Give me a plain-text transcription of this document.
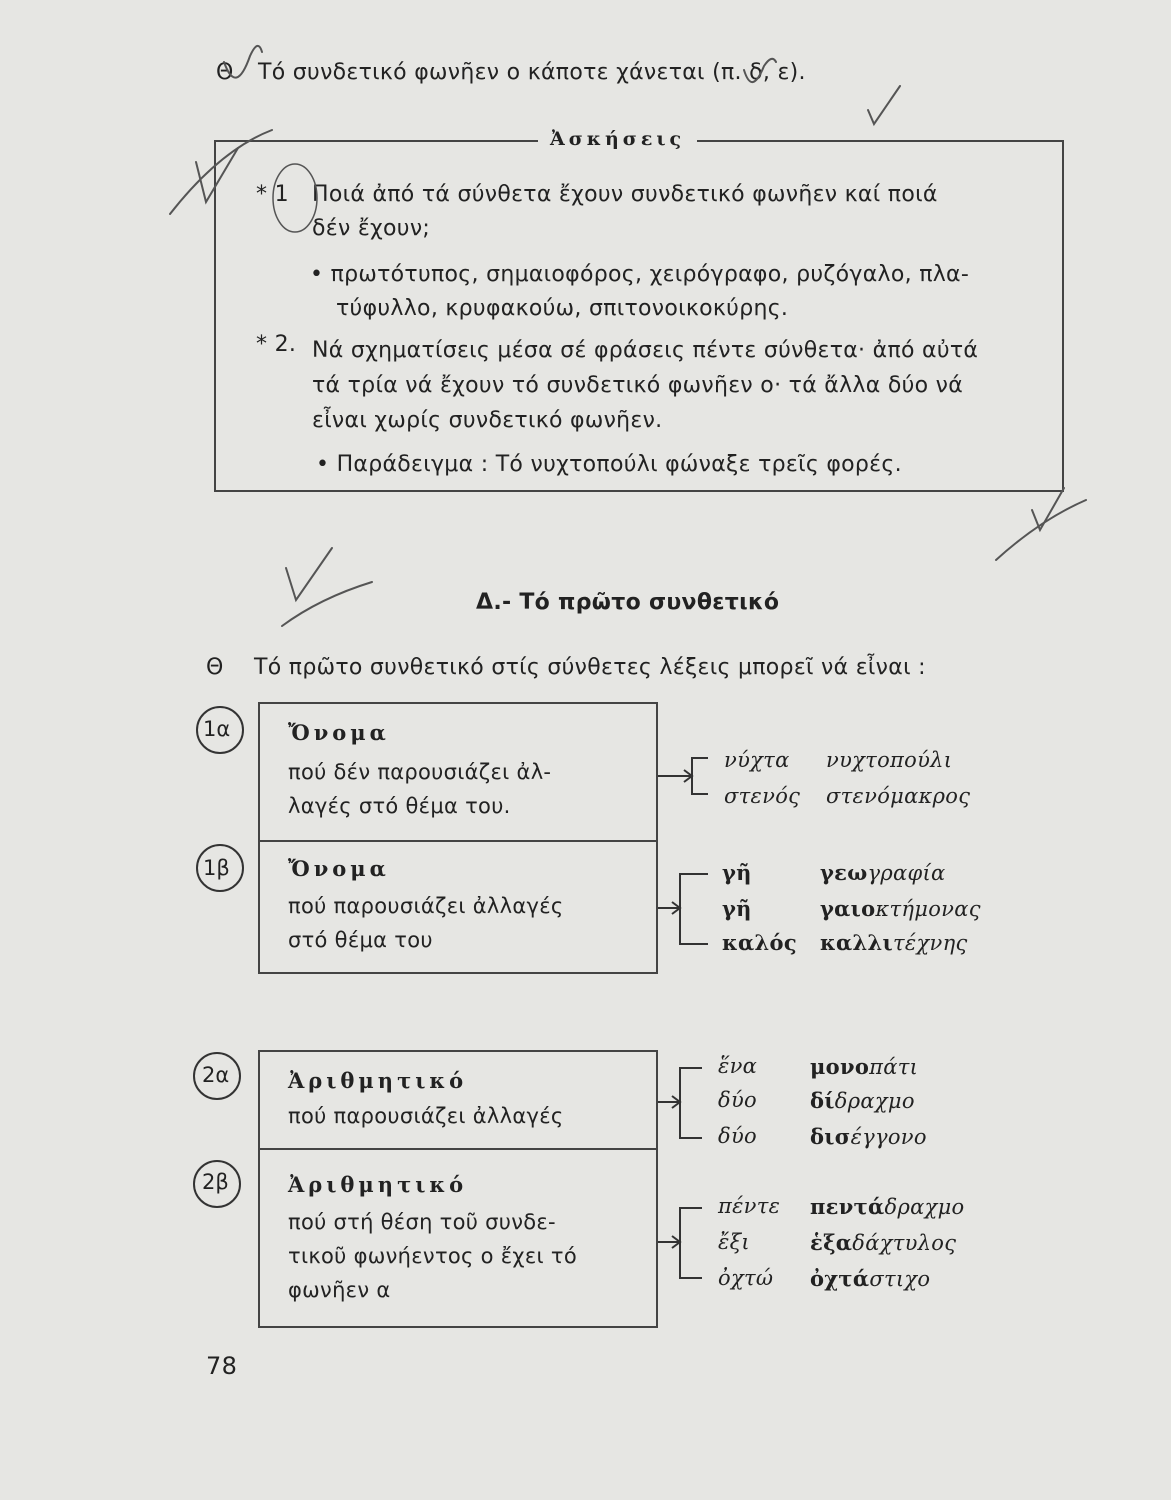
Θ Τό συνδετικό φωνῆεν ο κάποτε χάνεται (π. δ, ε).
Ἀσκήσεις
* 1 Ποιά ἀπό τά σύνθετα ἔχουν συνδετικό φωνῆεν καί ποιά
δέν ἔχουν;
• πρωτότυπος, σημαιοφόρος, χειρόγραφο, ρυζόγαλο, πλα-
τύφυλλο, κρυφακούω, σπιτονοικοκύρης.
* 2. Νά σχηματίσεις μέσα σέ φράσεις πέντε σύνθετα· ἀπό αὐτά
τά τρία νά ἔχουν τό συνδετικό φωνῆεν ο· τά ἄλλα δύο νά
εἶναι χωρίς συνδετικό φωνῆεν.
• Παράδειγμα : Τό νυχτοπούλι φώναξε τρεῖς φορές.
Δ.- Τό πρῶτο συνθετικό
Θ Τό πρῶτο συνθετικό στίς σύνθετες λέξεις μπορεῖ νά εἶναι :
1α
1β
2α
2β
Ὄνομα
πού δέν παρουσιάζει ἀλ-
λαγές στό θέμα του.
Ὄνομα
πού παρουσιάζει ἀλλαγές
στό θέμα του
Ἀριθμητικό
πού παρουσιάζει ἀλλαγές
Ἀριθμητικό
πού στή θέση τοῦ συνδε-
τικοῦ φωνήεντος ο ἔχει τό
φωνῆεν α
νύχτα νυχτοπούλι
στενός στενόμακρος
γῆ	γεωγραφία
γῆ	γαιοκτήμονας
καλός καλλιτέχνης
ἕνα	μονοπάτι
δύο	δίδραχμο
δύο	δισέγγονο
πέντε πεντάδραχμο
ἔξι	ἑξαδάχτυλος
ὀχτώ ὀχτάστιχο
78
